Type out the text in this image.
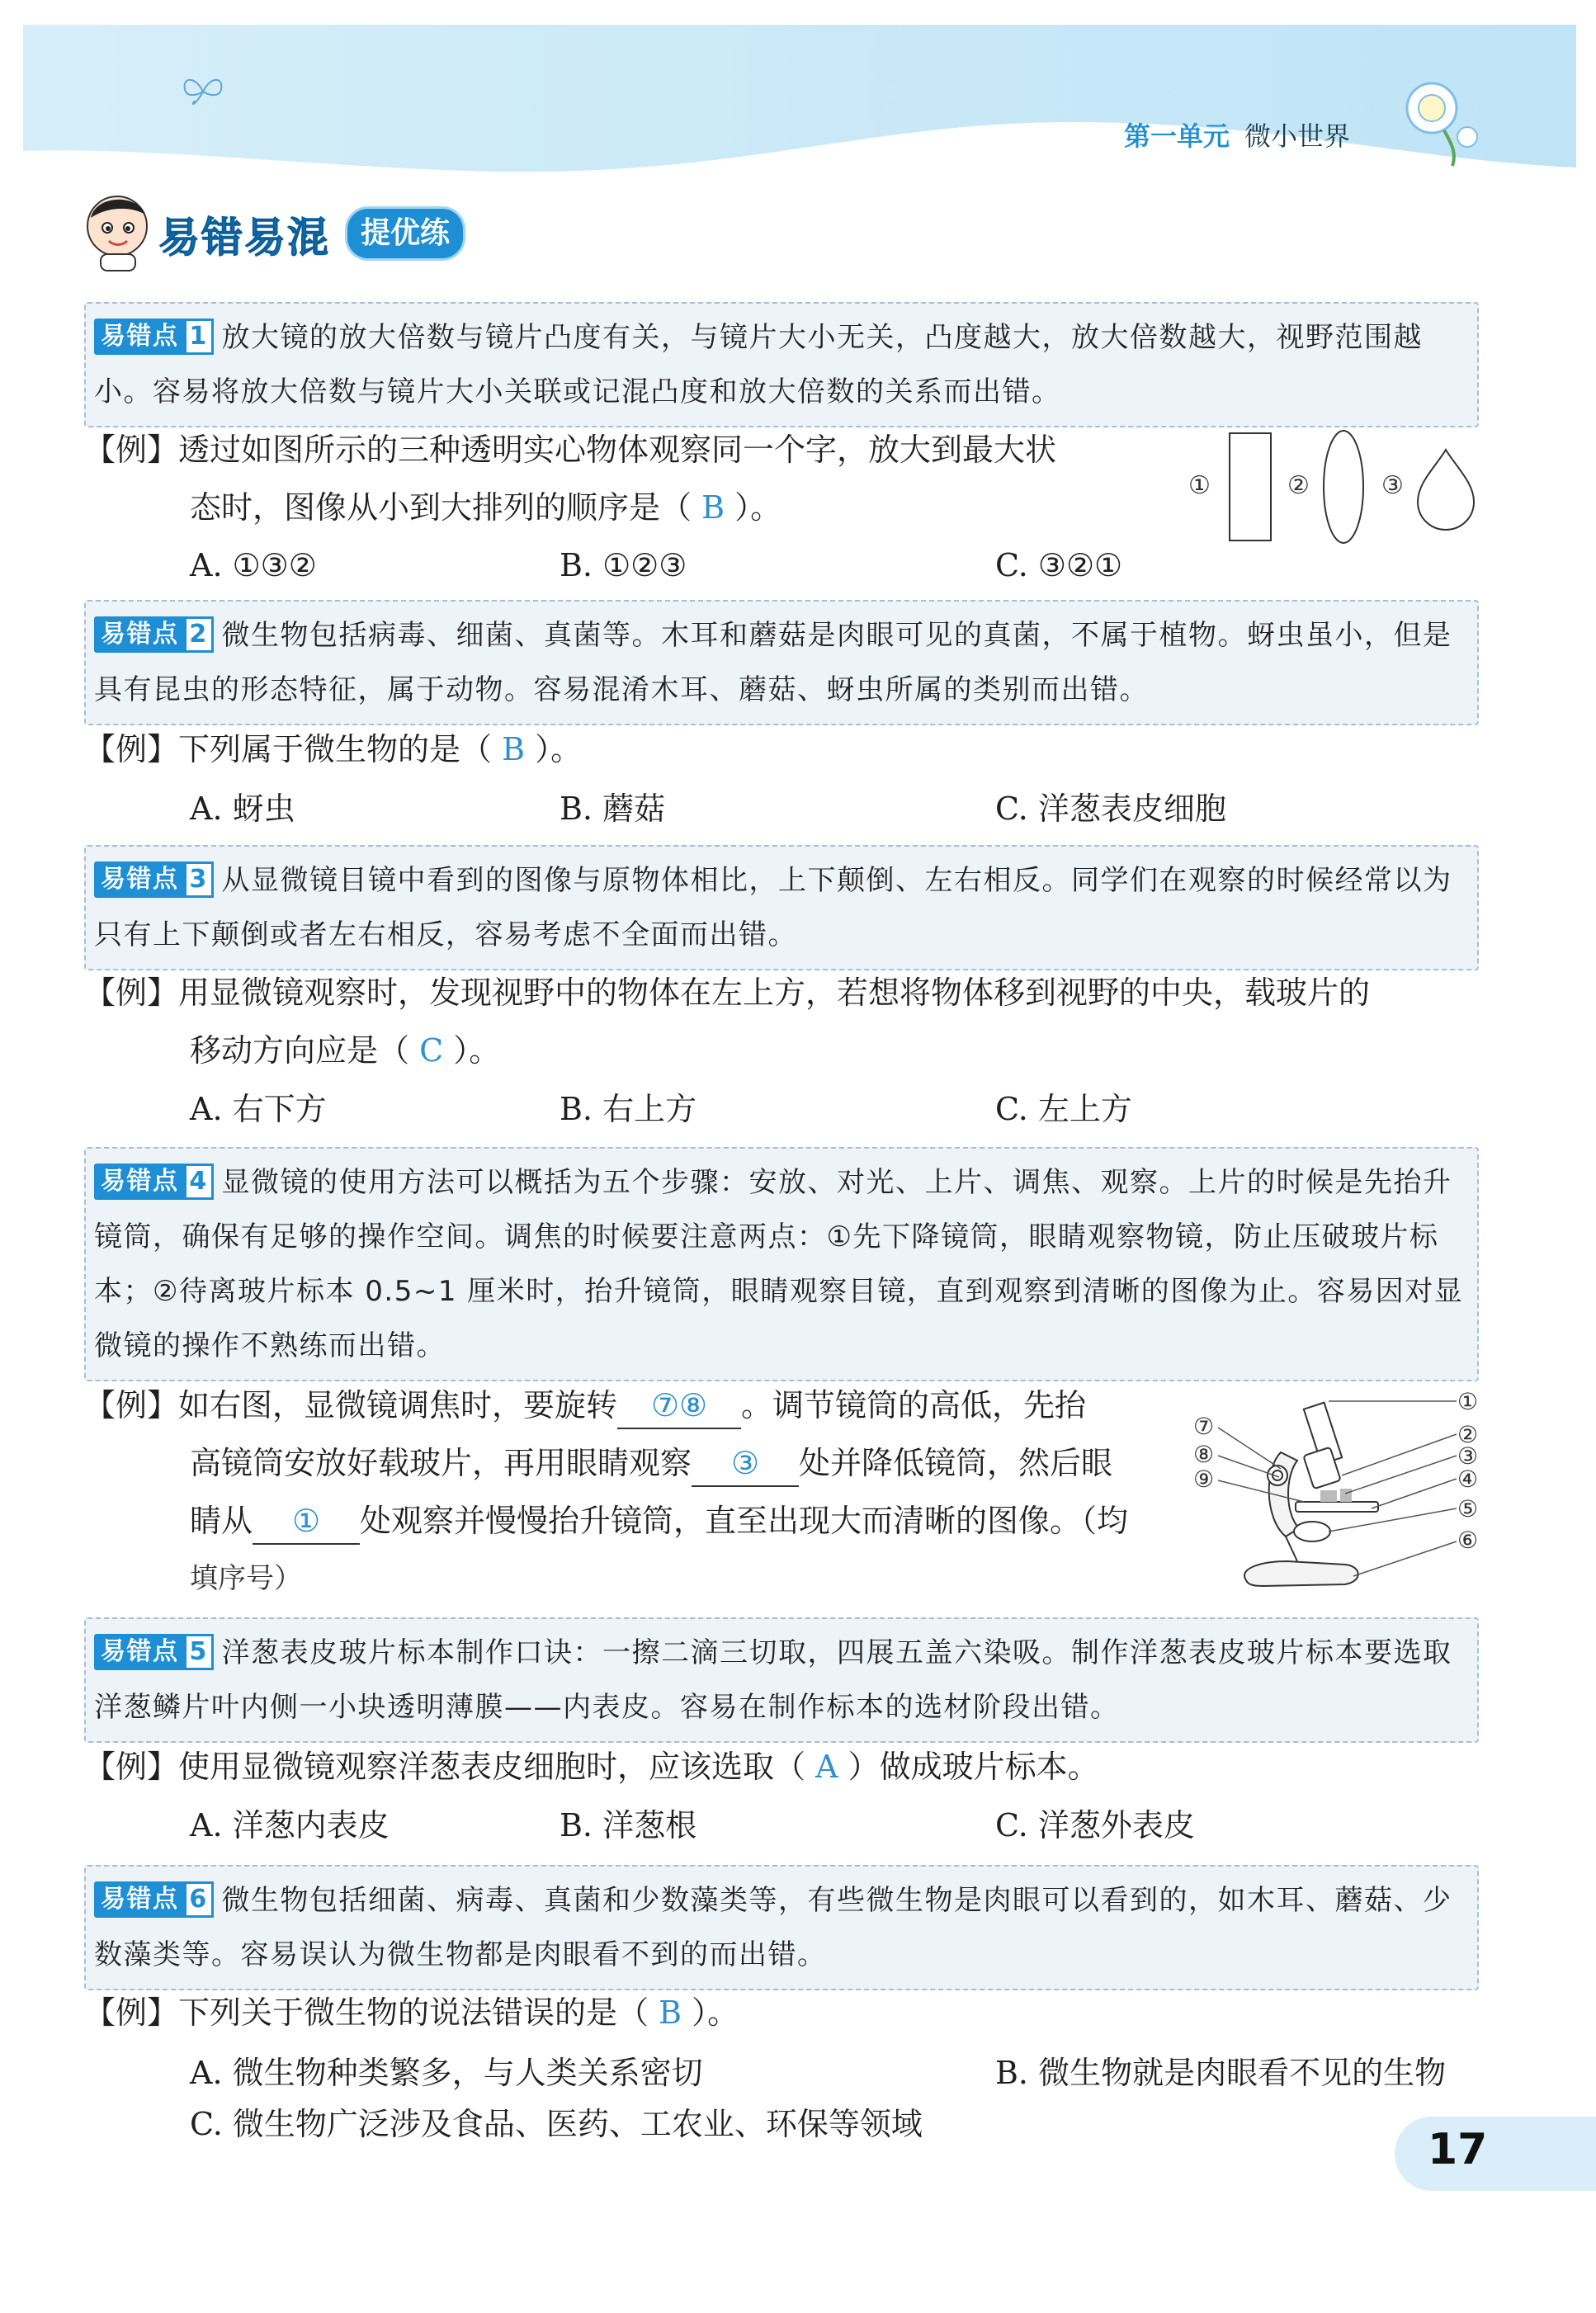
第一单元 微小世界
易错易混	提优练
易错点 1 放大镜的放大倍数与镜片凸度有关，与镜片大小无关，凸度越大，放大倍数越大，视野范围越小。容易将放大倍数与镜片大小关联或记混凸度和放大倍数的关系而出错。
【例】透过如图所示的三种透明实心物体观察同一个字，放大到最大状
态时，图像从小到大排列的顺序是（ B ）。
A. ①③②	B. ①②③	C. ③②①
①	②	③
易错点 2 微生物包括病毒、细菌、真菌等。木耳和蘑菇是肉眼可见的真菌，不属于植物。蚜虫虽小，但是具有昆虫的形态特征，属于动物。容易混淆木耳、蘑菇、蚜虫所属的类别而出错。
【例】下列属于微生物的是（ B ）。
A. 蚜虫	B. 蘑菇	C. 洋葱表皮细胞
易错点 3 从显微镜目镜中看到的图像与原物体相比，上下颠倒、左右相反。同学们在观察的时候经常以为只有上下颠倒或者左右相反，容易考虑不全面而出错。
【例】用显微镜观察时，发现视野中的物体在左上方，若想将物体移到视野的中央，载玻片的
移动方向应是（ C ）。
A. 右下方	B. 右上方	C. 左上方
易错点 4 显微镜的使用方法可以概括为五个步骤：安放、对光、上片、调焦、观察。上片的时候是先抬升镜筒，确保有足够的操作空间。调焦的时候要注意两点：①先下降镜筒，眼睛观察物镜，防止压破玻片标本；②待离玻片标本 0.5~1 厘米时，抬升镜筒，眼睛观察目镜，直到观察到清晰的图像为止。容易因对显微镜的操作不熟练而出错。
【例】如右图，显微镜调焦时，要旋转 ⑦⑧ 。调节镜筒的高低，先抬
高镜筒安放好载玻片，再用眼睛观察 ③ 处并降低镜筒，然后眼
睛从 ① 处观察并慢慢抬升镜筒，直至出现大而清晰的图像。（均
填序号）
①
②
③
④
⑤
⑥
⑦
⑧
⑨
易错点 5 洋葱表皮玻片标本制作口诀：一擦二滴三切取，四展五盖六染吸。制作洋葱表皮玻片标本要选取洋葱鳞片叶内侧一小块透明薄膜——内表皮。容易在制作标本的选材阶段出错。
【例】使用显微镜观察洋葱表皮细胞时，应该选取（ A ）做成玻片标本。
A. 洋葱内表皮	B. 洋葱根	C. 洋葱外表皮
易错点 6 微生物包括细菌、病毒、真菌和少数藻类等，有些微生物是肉眼可以看到的，如木耳、蘑菇、少数藻类等。容易误认为微生物都是肉眼看不到的而出错。
【例】下列关于微生物的说法错误的是（ B ）。
A. 微生物种类繁多，与人类关系密切	B. 微生物就是肉眼看不见的生物
C. 微生物广泛涉及食品、医药、工农业、环保等领域
17
